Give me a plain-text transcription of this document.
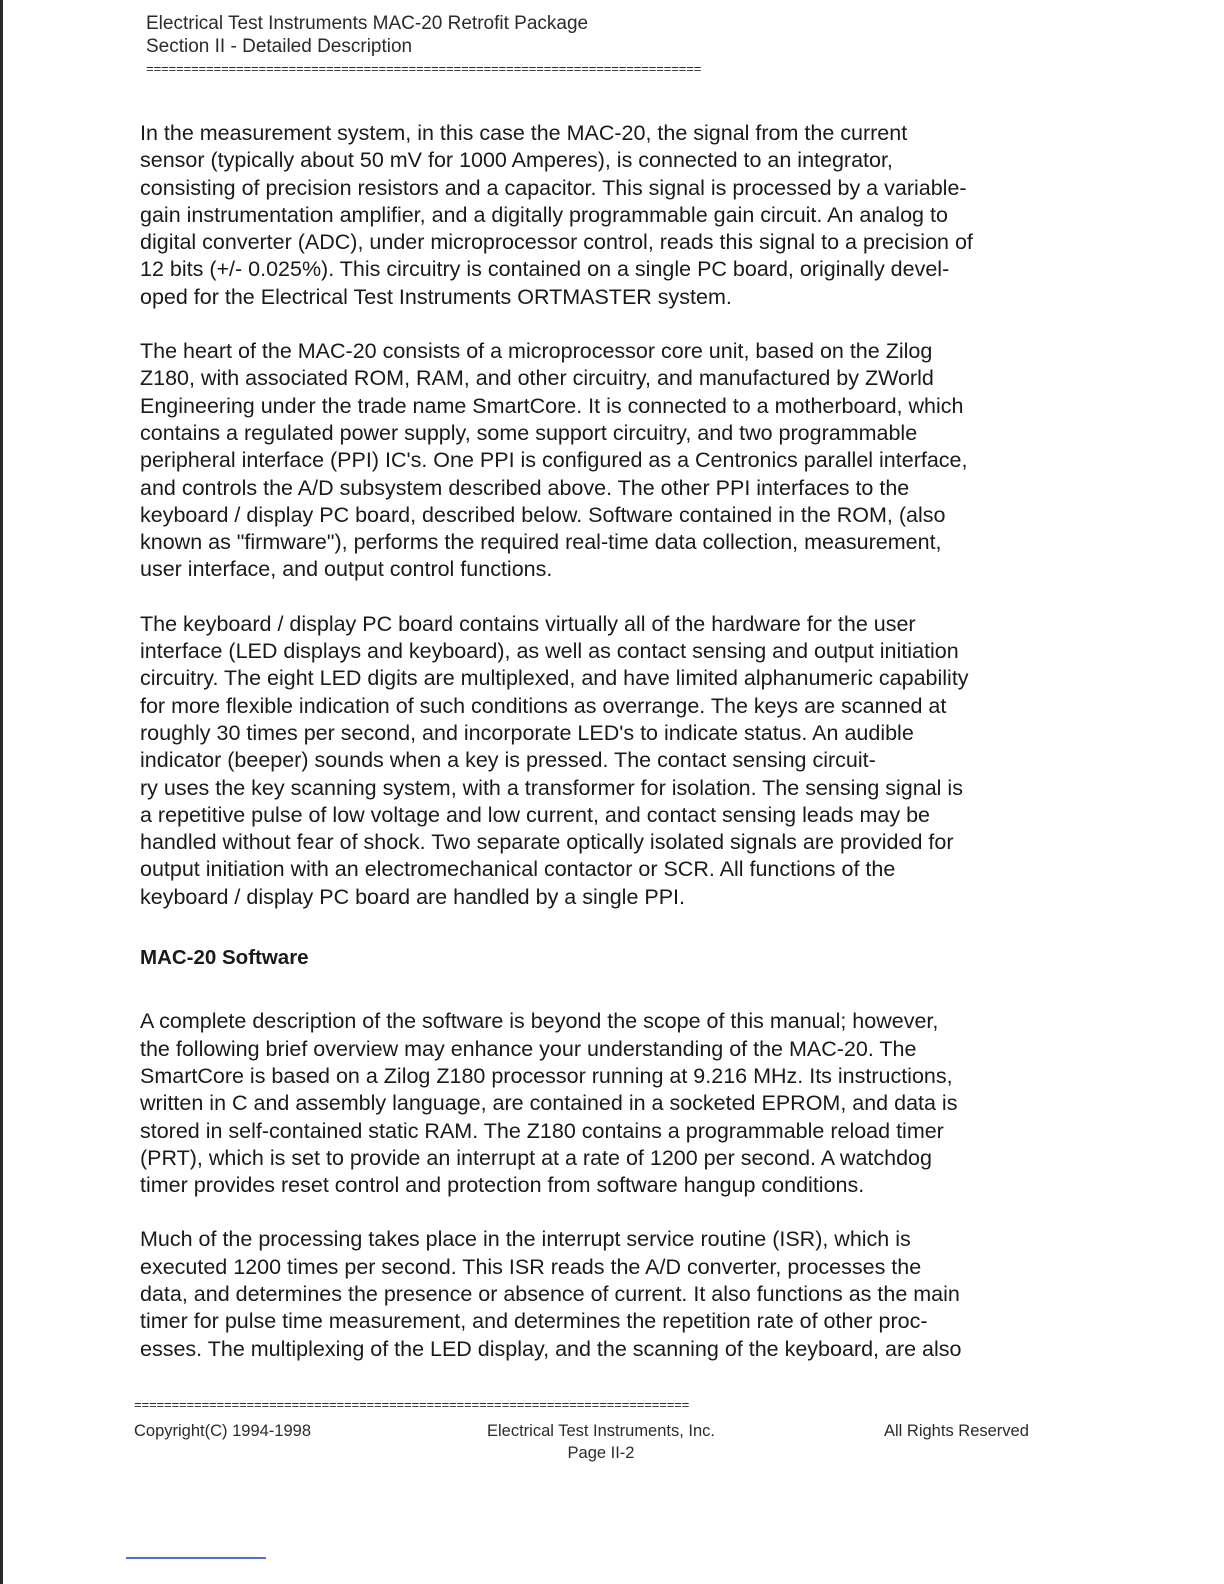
Electrical Test Instruments MAC-20 Retrofit Package
Section II - Detailed Description
==========================================================================

In the measurement system, in this case the MAC-20, the signal from the current
sensor (typically about 50 mV for 1000 Amperes), is connected to an integrator,
consisting of precision resistors and a capacitor. This signal is processed by a variable-
gain instrumentation amplifier, and a digitally programmable gain circuit. An analog to
digital converter (ADC), under microprocessor control, reads this signal to a precision of
12 bits (+/- 0.025%). This circuitry is contained on a single PC board, originally devel-
oped for the Electrical Test Instruments ORTMASTER system.

The heart of the MAC-20 consists of a microprocessor core unit, based on the Zilog
Z180, with associated ROM, RAM, and other circuitry, and manufactured by ZWorld
Engineering under the trade name SmartCore. It is connected to a motherboard, which
contains a regulated power supply, some support circuitry, and two programmable
peripheral interface (PPI) IC's. One PPI is configured as a Centronics parallel interface,
and controls the A/D subsystem described above. The other PPI interfaces to the
keyboard / display PC board, described below. Software contained in the ROM, (also
known as "firmware"), performs the required real-time data collection, measurement,
user interface, and output control functions.

The keyboard / display PC board contains virtually all of the hardware for the user
interface (LED displays and keyboard), as well as contact sensing and output initiation
circuitry. The eight LED digits are multiplexed, and have limited alphanumeric capability
for more flexible indication of such conditions as overrange. The keys are scanned at
roughly 30 times per second, and incorporate LED's to indicate status. An audible
indicator (beeper) sounds when a key is pressed. The contact sensing circuit-
ry uses the key scanning system, with a transformer for isolation. The sensing signal is
a repetitive pulse of low voltage and low current, and contact sensing leads may be
handled without fear of shock. Two separate optically isolated signals are provided for
output initiation with an electromechanical contactor or SCR. All functions of the
keyboard / display PC board are handled by a single PPI.

MAC-20 Software

A complete description of the software is beyond the scope of this manual; however,
the following brief overview may enhance your understanding of the MAC-20. The
SmartCore is based on a Zilog Z180 processor running at 9.216 MHz. Its instructions,
written in C and assembly language, are contained in a socketed EPROM, and data is
stored in self-contained static RAM. The Z180 contains a programmable reload timer
(PRT), which is set to provide an interrupt at a rate of 1200 per second. A watchdog
timer provides reset control and protection from software hangup conditions.

Much of the processing takes place in the interrupt service routine (ISR), which is
executed 1200 times per second. This ISR reads the A/D converter, processes the
data, and determines the presence or absence of current. It also functions as the main
timer for pulse time measurement, and determines the repetition rate of other proc-
esses. The multiplexing of the LED display, and the scanning of the keyboard, are also

==========================================================================
Copyright(C) 1994-1998	Electrical Test Instruments, Inc.
Page II-2
All Rights Reserved
